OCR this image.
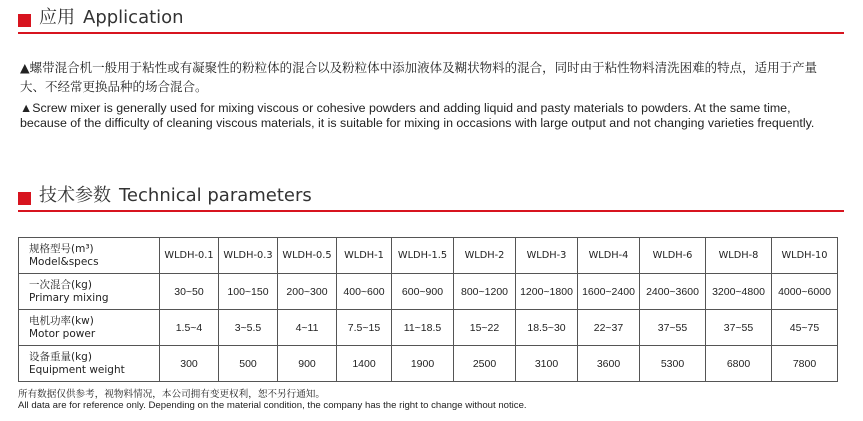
应用 Application

▲螺带混合机一般用于粘性或有凝聚性的粉粒体的混合以及粉粒体中添加液体及糊状物料的混合，同时由于粘性物料清洗困难的特点，适用于产量大、不经常更换品种的场合混合。

▲Screw mixer is generally used for mixing viscous or cohesive powders and adding liquid and pasty materials to powders. At the same time, because of the difficulty of cleaning viscous materials, it is suitable for mixing in occasions with large output and not changing varieties frequently.

技术参数 Technical parameters
规格型号(m³)
Model&specs	WLDH-0.1	WLDH-0.3	WLDH-0.5	WLDH-1	WLDH-1.5	WLDH-2	WLDH-3	WLDH-4	WLDH-6	WLDH-8	WLDH-10

一次混合(kg)
Primary mixing	30~50	100~150	200~300	400~600	600~900	800~1200	1200~1800	1600~2400	2400~3600	3200~4800	4000~6000

电机功率(kw)
Motor power	1.5~4	3~5.5	4~11	7.5~15	11~18.5	15~22	18.5~30	22~37	37~55	37~55	45~75

设备重量(kg)
Equipment weight	300	500	900	1400	1900	2500	3100	3600	5300	6800	7800
所有数据仅供参考，视物料情况，本公司拥有变更权利，恕不另行通知。
All data are for reference only. Depending on the material condition, the company has the right to change without notice.
